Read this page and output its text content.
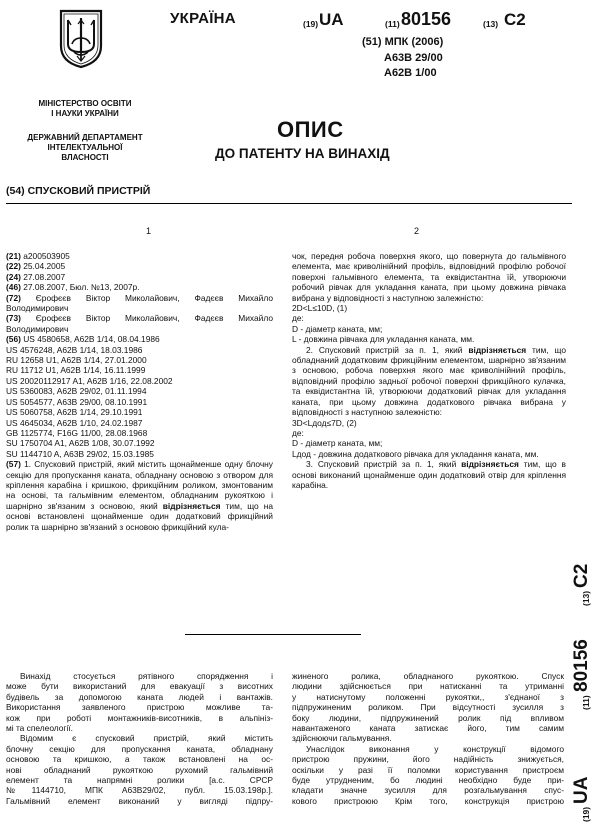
УКРАЇНА	(19) UA	(11) 80156	(13) C2
(51) МПК (2006)
A63B 29/00
A62B 1/00
МІНІСТЕРСТВО ОСВІТИ
І НАУКИ УКРАЇНИ
ДЕРЖАВНИЙ ДЕПАРТАМЕНТ
ІНТЕЛЕКТУАЛЬНОЇ
ВЛАСНОСТІ
ОПИС
ДО ПАТЕНТУ НА ВИНАХІД
(54) СПУСКОВИЙ ПРИСТРІЙ
1	2
(21) a200503905
(22) 25.04.2005
(24) 27.08.2007
(46) 27.08.2007, Бюл. №13, 2007р.
(72) Єрофєєв Віктор Миколайович, Фадєєв Михайло Володимирович
(73) Єрофєєв Віктор Миколайович, Фадєєв Михайло Володимирович
(56) US 4580658, A62B 1/14, 08.04.1986
US 4576248, A62B 1/14, 18.03.1986
RU 12658 U1, A62B 1/14, 27.01.2000
RU 11712 U1, A62B 1/14, 16.11.1999
US 20020112917 A1, A62B 1/16, 22.08.2002
US 5360083, A62B 29/02, 01.11.1994
US 5054577, A63B 29/00, 08.10.1991
US 5060758, A62B 1/14, 29.10.1991
US 4645034, A62B 1/10, 24.02.1987
GB 1125774, F16G 11/00, 28.08.1968
SU 1750704 A1, A62B 1/08, 30.07.1992
SU 1144710 A, A63B 29/02, 15.03.1985
(57) 1. Спусковий пристрій, який містить щонайменше одну блочну секцію для пропускання каната, обладнану основою з отвором для кріплення карабіна і кришкою, фрикційним роликом, змонтованим на основі, та гальмівним елементом, обладнаним рукояткою і шарнірно зв'язаним з основою, який відрізняється тим, що на основі встановлені щонайменше один додатковий фрикційний ролик та шарнірно зв'язаний з основою фрикційний кула-
чок, передня робоча поверхня якого, що повернута до гальмівного елемента, має криволінійний профіль, відповідний профілю робочої поверхні гальмівного елемента, та еквідистантна їй, утворюючи робочий рівчак для укладання каната, при цьому довжина рівчака вибрана у відповідності з наступною залежністю:
2D<L≤10D, (1)
де:
D - діаметр каната, мм;
L - довжина рівчака для укладання каната, мм.
2. Спусковий пристрій за п. 1, який відрізняється тим, що обладнаний додатковим фрикційним елементом, шарнірно зв'язаним з основою, робоча поверхня якого має криволінійний профіль, відповідний профілю задньої робочої поверхні фрикційного кулачка, та еквідистантна їй, утворюючи додатковий рівчак для укладання каната, при цьому довжина додаткового рівчака вибрана у відповідності з наступною залежністю:
3D<Lдод≤7D, (2)
де:
D - діаметр каната, мм;
Lдод - довжина додаткового рівчака для укладання каната, мм.
3. Спусковий пристрій за п. 1, який відрізняється тим, що в основі виконаний щонайменше один додатковий отвір для кріплення карабіна.
Винахід стосується рятівного спорядження і
може бути використаний для евакуації з висотних
будівель за допомогою каната людей і вантажів.
Використання заявленого пристрою можливе та-
кож при роботі монтажників-висотників, в альпініз-
мі та спелеології.
Відомим є спусковий пристрій, який містить
блочну секцію для пропускання каната, обладнану
основою та кришкою, а також встановлені на ос-
нові обладнаний рукояткою рухомий гальмівний
елемент та напрямні ролики [а.с. СРСР
№1144710, МПК А63В29/02, публ. 15.03.198р.].
Гальмівний елемент виконаний у вигляді підпру-
жиненого ролика, обладнаного рукояткою. Спуск
людини здійснюється при натисканні та утриманні
у натиснутому положенні рукоятки,, з'єднаної з
підпружиненим роликом. При відсутності зусилля з
боку людини, підпружинений ролик під впливом
навантаженого каната затискає його, тим самим
здійснюючи гальмування.
Унаслідок виконання у конструкції відомого
пристрою пружини, його надійність знижується,
оскільки у разі її поломки користування пристроєм
буде утрудненим, бо людині необхідно буде при-
кладати значне зусилля для розгальмування спус-
кового пристроюю Крім того, конструкція пристрою
(19)
UA
(11)
80156
(13)
C2
